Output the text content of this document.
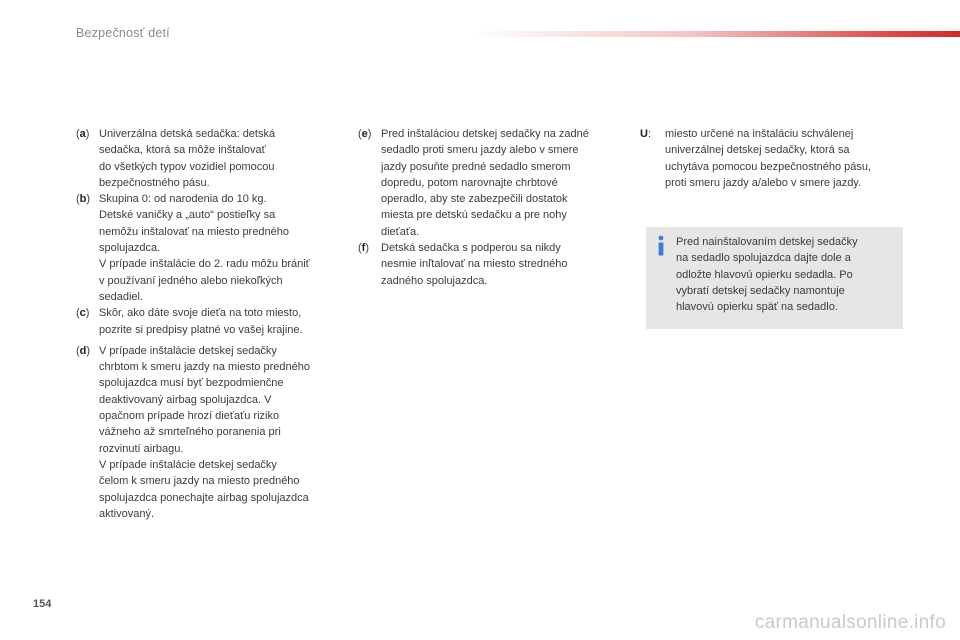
Bezpečnosť detí
(a) Univerzálna detská sedačka: detská

sedačka, ktorá sa môže inštalovať

do všetkých typov vozidiel pomocou

bezpečnostného pásu.

(b) Skupina 0: od narodenia do 10 kg.

Detské vaničky a „auto“ postieľky sa

nemôžu inštalovať na miesto predného

spolujazdca.

V prípade inštalácie do 2. radu môžu brániť

v používaní jedného alebo niekoľkých

sedadiel.

(c) Skôr, ako dáte svoje dieťa na toto miesto,

pozrite si predpisy platné vo vašej krajine.

(d) V prípade inštalácie detskej sedačky

chrbtom k smeru jazdy na miesto predného

spolujazdca musí byť bezpodmienčne

deaktivovaný airbag spolujazdca. V

opačnom prípade hrozí dieťaťu riziko

vážneho až smrteľného poranenia pri

rozvinutí airbagu.

V prípade inštalácie detskej sedačky

čelom k smeru jazdy na miesto predného

spolujazdca ponechajte airbag spolujazdca

aktivovaný.

(e) Pred inštaláciou detskej sedačky na zadné

sedadlo proti smeru jazdy alebo v smere

jazdy posuňte predné sedadlo smerom

dopredu, potom narovnajte chrbtové

operadlo, aby ste zabezpečili dostatok

miesta pre detskú sedačku a pre nohy

dieťaťa.

(f) Detská sedačka s podperou sa nikdy

nesmie inľtalovať na miesto stredného

zadného spolujazdca.

U: miesto určené na inštaláciu schválenej

univerzálnej detskej sedačky, ktorá sa

uchytáva pomocou bezpečnostného pásu,

proti smeru jazdy a/alebo v smere jazdy.

Pred nainštalovaním detskej sedačky
na sedadlo spolujazdca dajte dole a
odložte hlavovú opierku sedadla. Po
vybratí detskej sedačky namontuje
hlavovú opierku späť na sedadlo.
154
carmanualsonline.info
